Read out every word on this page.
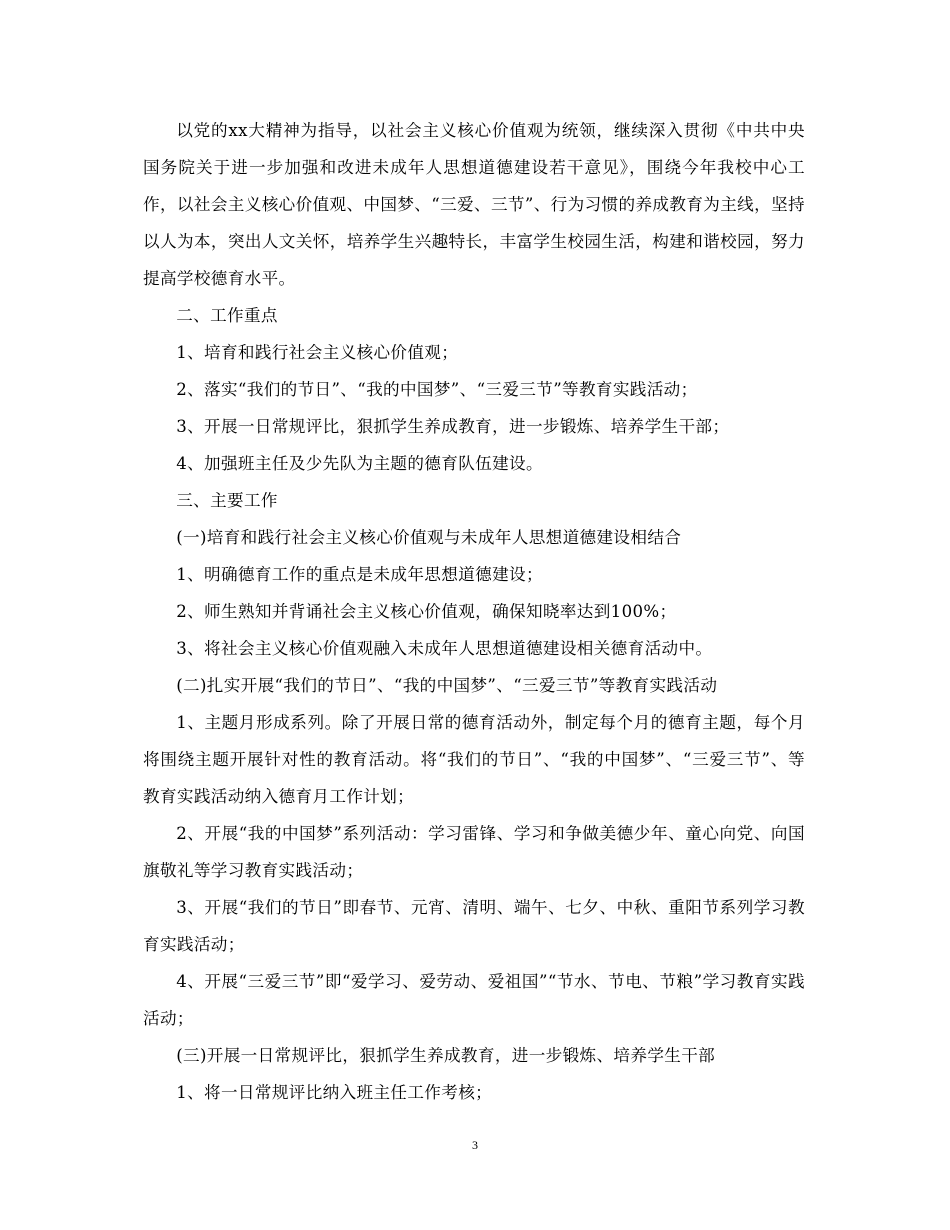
以党的xx大精神为指导，以社会主义核心价值观为统领，继续深入贯彻《中共中央国务院关于进一步加强和改进未成年人思想道德建设若干意见》，围绕今年我校中心工作，以社会主义核心价值观、中国梦、“三爱、三节”、行为习惯的养成教育为主线，坚持以人为本，突出人文关怀，培养学生兴趣特长，丰富学生校园生活，构建和谐校园，努力提高学校德育水平。

二、工作重点

1、培育和践行社会主义核心价值观；

2、落实“我们的节日”、“我的中国梦”、“三爱三节”等教育实践活动；

3、开展一日常规评比，狠抓学生养成教育，进一步锻炼、培养学生干部；

4、加强班主任及少先队为主题的德育队伍建设。

三、主要工作

(一)培育和践行社会主义核心价值观与未成年人思想道德建设相结合

1、明确德育工作的重点是未成年思想道德建设；

2、师生熟知并背诵社会主义核心价值观，确保知晓率达到100%；

3、将社会主义核心价值观融入未成年人思想道德建设相关德育活动中。

(二)扎实开展“我们的节日”、“我的中国梦”、“三爱三节”等教育实践活动

1、主题月形成系列。除了开展日常的德育活动外，制定每个月的德育主题，每个月将围绕主题开展针对性的教育活动。将“我们的节日”、“我的中国梦”、“三爱三节”、等教育实践活动纳入德育月工作计划；

2、开展“我的中国梦”系列活动：学习雷锋、学习和争做美德少年、童心向党、向国旗敬礼等学习教育实践活动；

3、开展“我们的节日”即春节、元宵、清明、端午、七夕、中秋、重阳节系列学习教育实践活动；

4、开展“三爱三节”即“爱学习、爱劳动、爱祖国”“节水、节电、节粮”学习教育实践活动；

(三)开展一日常规评比，狠抓学生养成教育，进一步锻炼、培养学生干部

1、将一日常规评比纳入班主任工作考核；

3
